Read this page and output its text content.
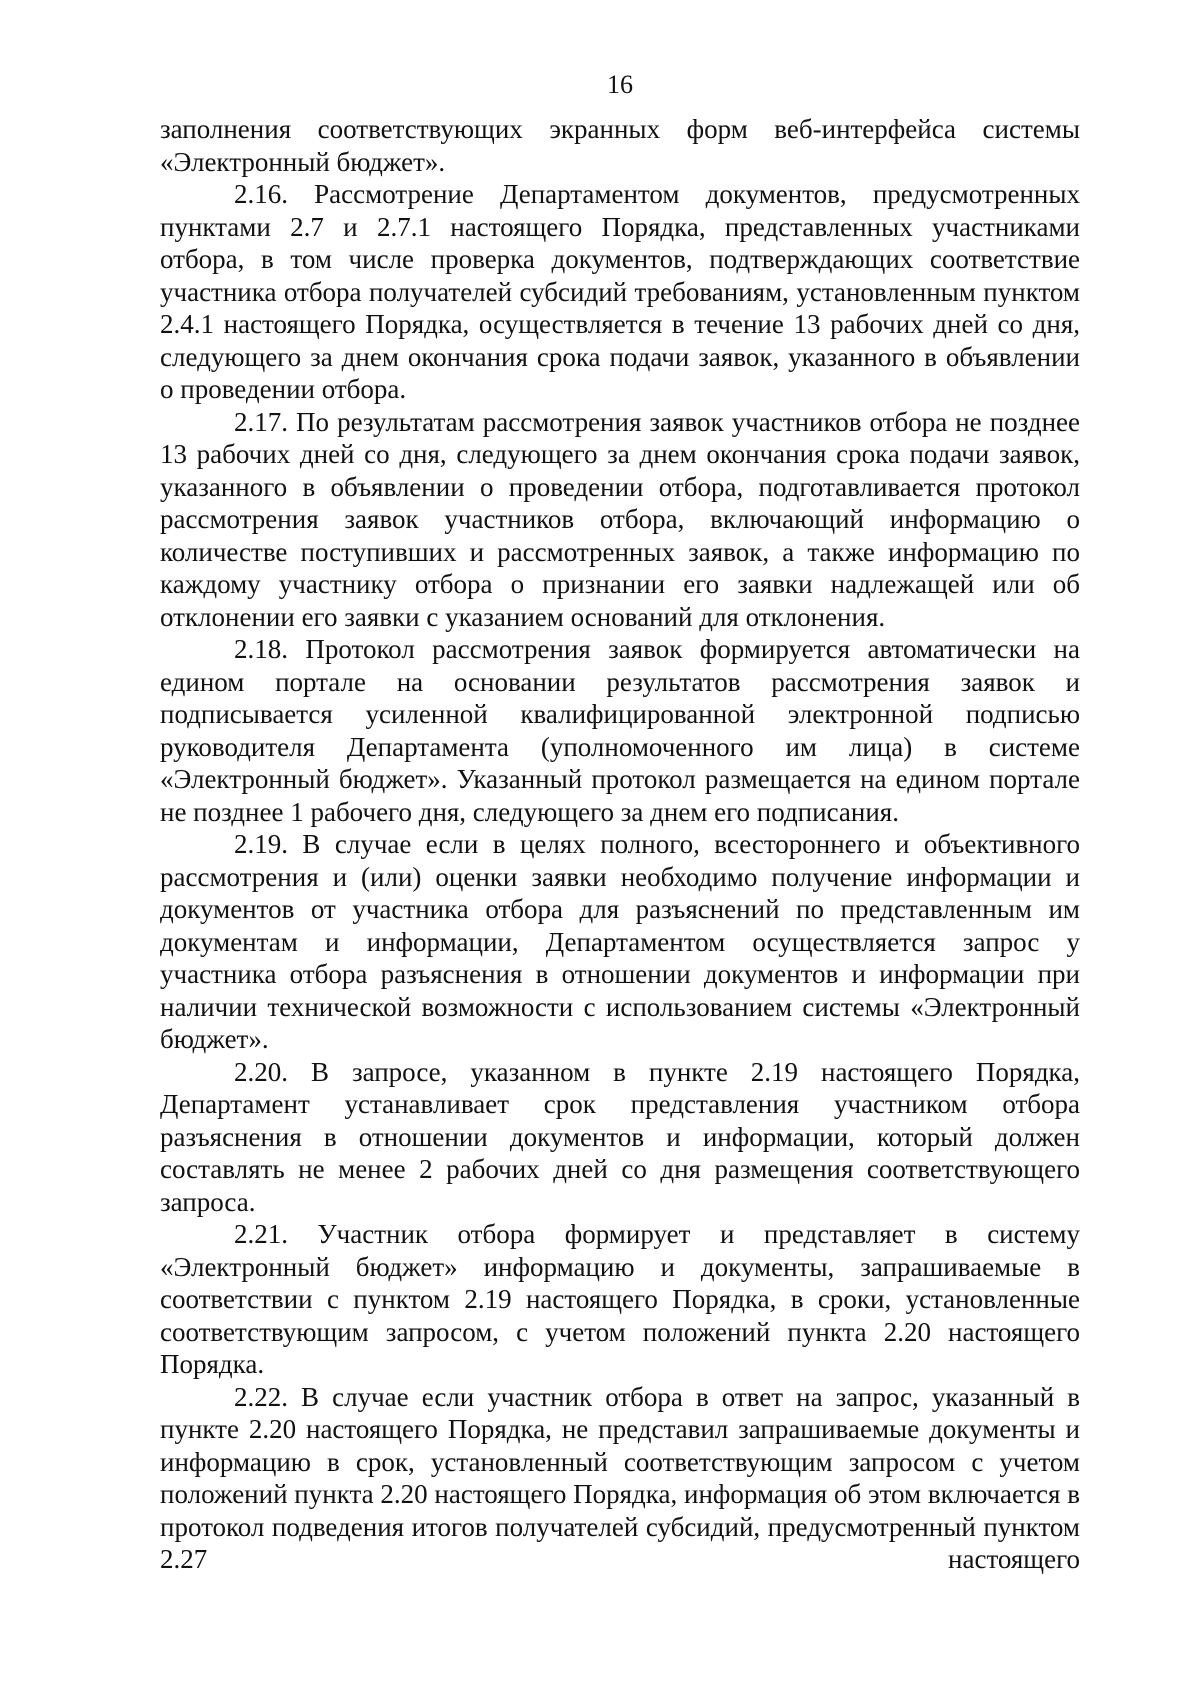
16

заполнения соответствующих экранных форм веб-интерфейса системы «Электронный бюджет».

2.16. Рассмотрение Департаментом документов, предусмотренных пунктами 2.7 и 2.7.1 настоящего Порядка, представленных участниками отбора, в том числе проверка документов, подтверждающих соответствие участника отбора получателей субсидий требованиям, установленным пунктом 2.4.1 настоящего Порядка, осуществляется в течение 13 рабочих дней со дня, следующего за днем окончания срока подачи заявок, указанного в объявлении о проведении отбора.

2.17. По результатам рассмотрения заявок участников отбора не позднее 13 рабочих дней со дня, следующего за днем окончания срока подачи заявок, указанного в объявлении о проведении отбора, подготавливается протокол рассмотрения заявок участников отбора, включающий информацию о количестве поступивших и рассмотренных заявок, а также информацию по каждому участнику отбора о признании его заявки надлежащей или об отклонении его заявки с указанием оснований для отклонения.

2.18. Протокол рассмотрения заявок формируется автоматически на едином портале на основании результатов рассмотрения заявок и подписывается усиленной квалифицированной электронной подписью руководителя Департамента (уполномоченного им лица) в системе «Электронный бюджет». Указанный протокол размещается на едином портале не позднее 1 рабочего дня, следующего за днем его подписания.

2.19. В случае если в целях полного, всестороннего и объективного рассмотрения и (или) оценки заявки необходимо получение информации и документов от участника отбора для разъяснений по представленным им документам и информации, Департаментом осуществляется запрос у участника отбора разъяснения в отношении документов и информации при наличии технической возможности с использованием системы «Электронный бюджет».

2.20. В запросе, указанном в пункте 2.19 настоящего Порядка, Департамент устанавливает срок представления участником отбора разъяснения в отношении документов и информации, который должен составлять не менее 2 рабочих дней со дня размещения соответствующего запроса.

2.21. Участник отбора формирует и представляет в систему «Электронный бюджет» информацию и документы, запрашиваемые в соответствии с пунктом 2.19 настоящего Порядка, в сроки, установленные соответствующим запросом, с учетом положений пункта 2.20 настоящего Порядка.

2.22. В случае если участник отбора в ответ на запрос, указанный в пункте 2.20 настоящего Порядка, не представил запрашиваемые документы и информацию в срок, установленный соответствующим запросом с учетом положений пункта 2.20 настоящего Порядка, информация об этом включается в протокол подведения итогов получателей субсидий, предусмотренный пунктом 2.27 настоящего
